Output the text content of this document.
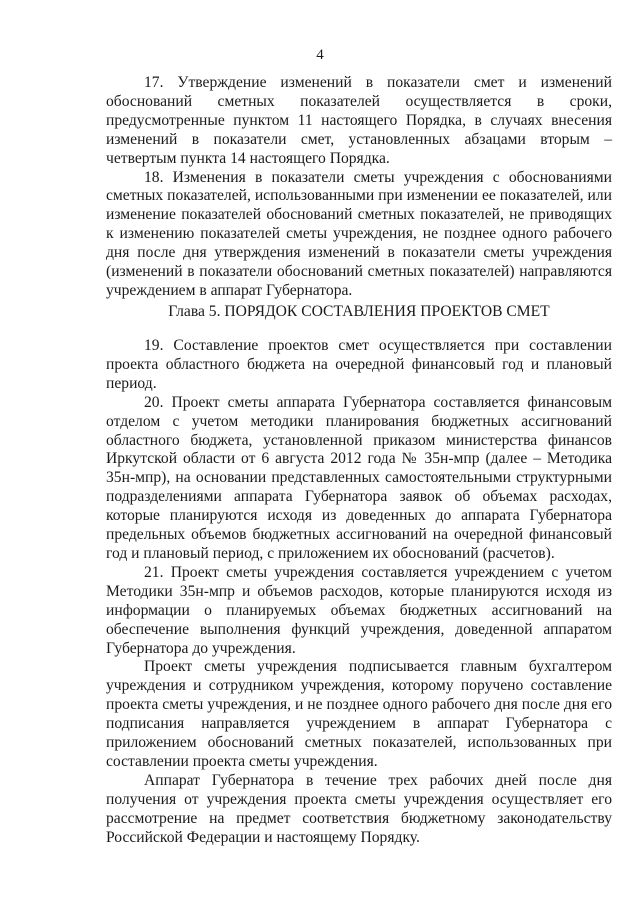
4

17. Утверждение изменений в показатели смет и изменений обоснований сметных показателей осуществляется в сроки, предусмотренные пунктом 11 настоящего Порядка, в случаях внесения изменений в показатели смет, установленных абзацами вторым – четвертым пункта 14 настоящего Порядка.

18. Изменения в показатели сметы учреждения с обоснованиями сметных показателей, использованными при изменении ее показателей, или изменение показателей обоснований сметных показателей, не приводящих к изменению показателей сметы учреждения, не позднее одного рабочего дня после дня утверждения изменений в показатели сметы учреждения (изменений в показатели обоснований сметных показателей) направляются учреждением в аппарат Губернатора.

Глава 5. ПОРЯДОК СОСТАВЛЕНИЯ ПРОЕКТОВ СМЕТ

19. Составление проектов смет осуществляется при составлении проекта областного бюджета на очередной финансовый год и плановый период.

20. Проект сметы аппарата Губернатора составляется финансовым отделом с учетом методики планирования бюджетных ассигнований областного бюджета, установленной приказом министерства финансов Иркутской области от 6 августа 2012 года № 35н-мпр (далее – Методика 35н-мпр), на основании представленных самостоятельными структурными подразделениями аппарата Губернатора заявок об объемах расходах, которые планируются исходя из доведенных до аппарата Губернатора предельных объемов бюджетных ассигнований на очередной финансовый год и плановый период, с приложением их обоснований (расчетов).

21. Проект сметы учреждения составляется учреждением с учетом Методики 35н-мпр и объемов расходов, которые планируются исходя из информации о планируемых объемах бюджетных ассигнований на обеспечение выполнения функций учреждения, доведенной аппаратом Губернатора до учреждения.

Проект сметы учреждения подписывается главным бухгалтером учреждения и сотрудником учреждения, которому поручено составление проекта сметы учреждения, и не позднее одного рабочего дня после дня его подписания направляется учреждением в аппарат Губернатора с приложением обоснований сметных показателей, использованных при составлении проекта сметы учреждения.

Аппарат Губернатора в течение трех рабочих дней после дня получения от учреждения проекта сметы учреждения осуществляет его рассмотрение на предмет соответствия бюджетному законодательству Российской Федерации и настоящему Порядку.
